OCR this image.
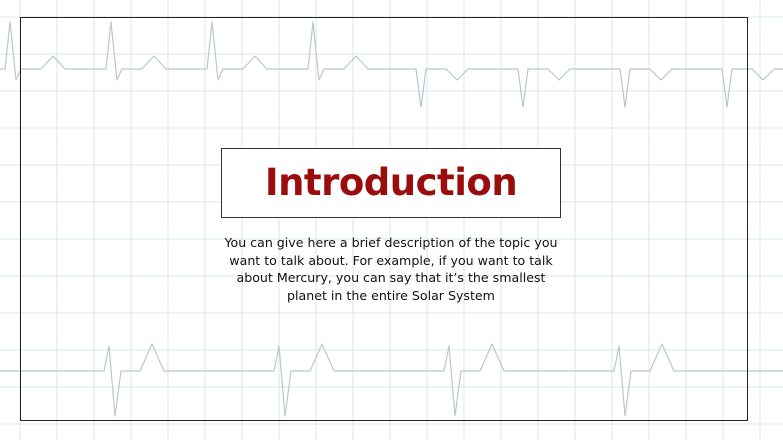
Introduction

You can give here a brief description of the topic you want to talk about. For example, if you want to talk about Mercury, you can say that it’s the smallest planet in the entire Solar System
